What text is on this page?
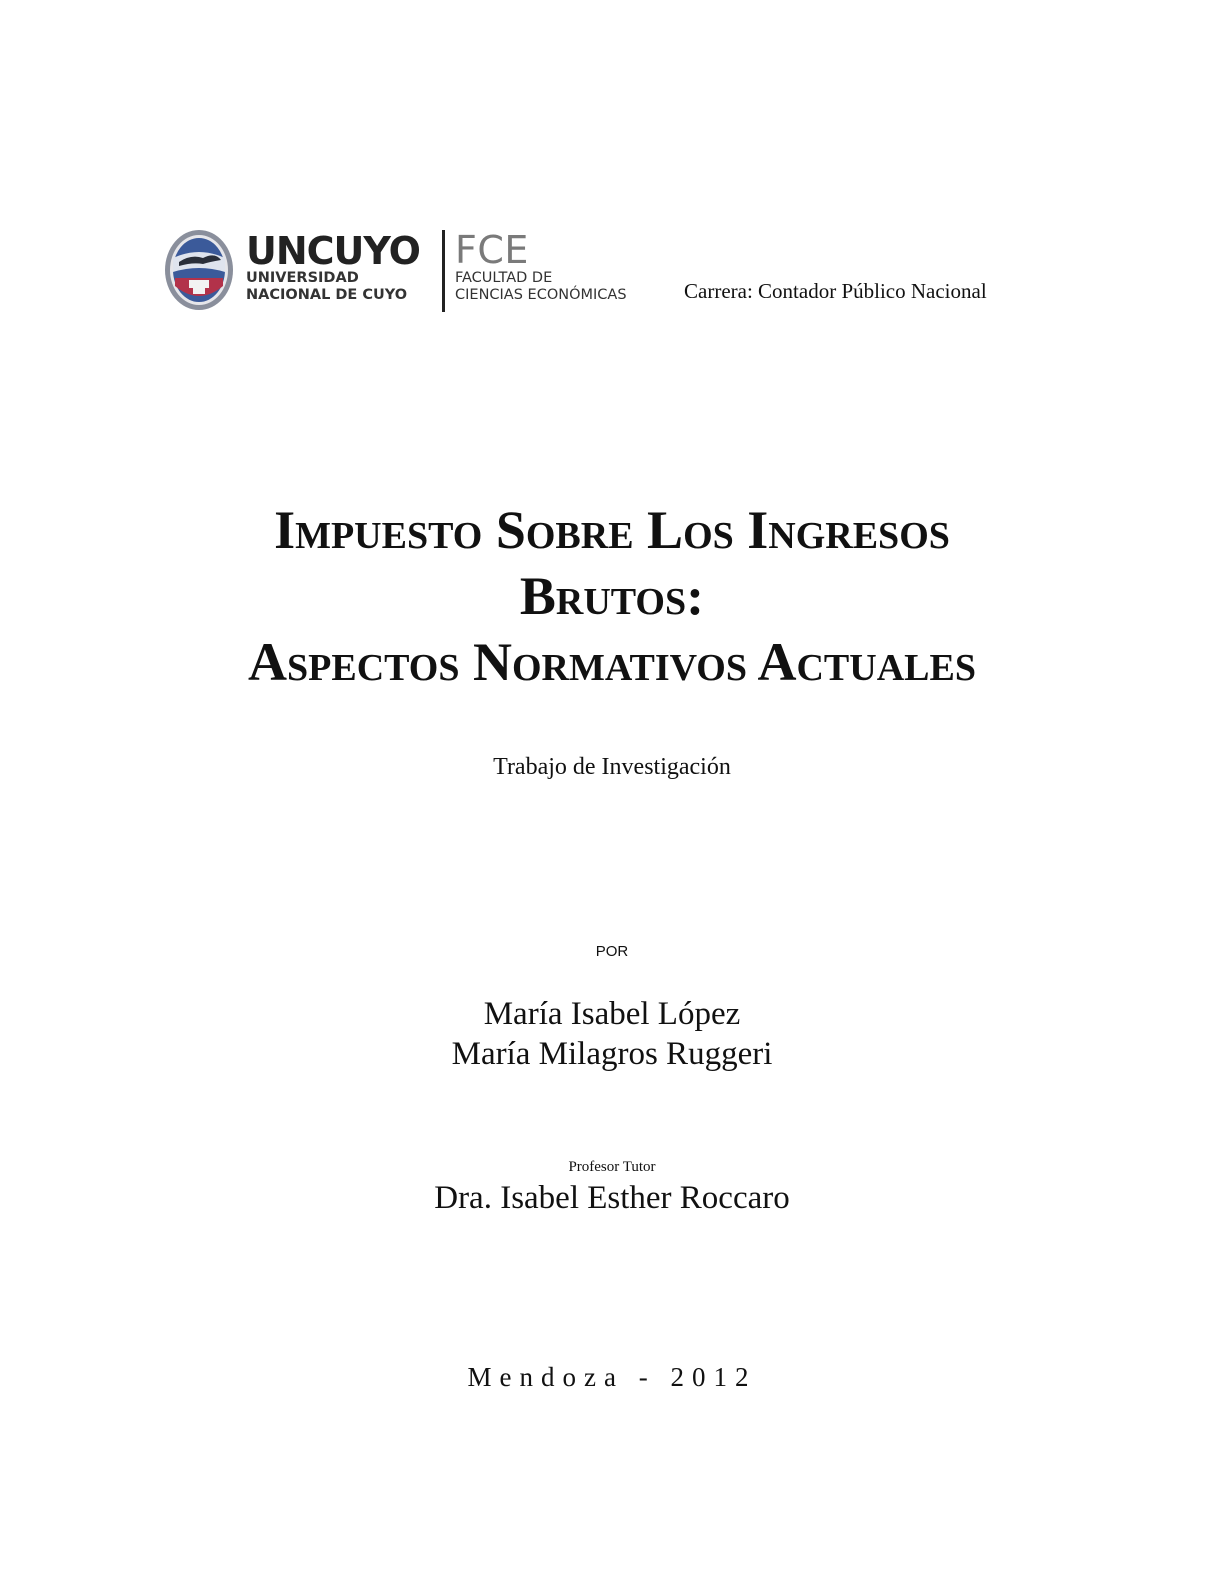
UNCUYO
UNIVERSIDAD
NACIONAL DE CUYO
FCE
FACULTAD DE
CIENCIAS ECONÓMICAS	Carrera: Contador Público Nacional
Impuesto Sobre Los Ingresos
Brutos:
Aspectos Normativos Actuales
Trabajo de Investigación
POR
María Isabel López
María Milagros Ruggeri
Profesor Tutor
Dra. Isabel Esther Roccaro
Mendoza - 2012
